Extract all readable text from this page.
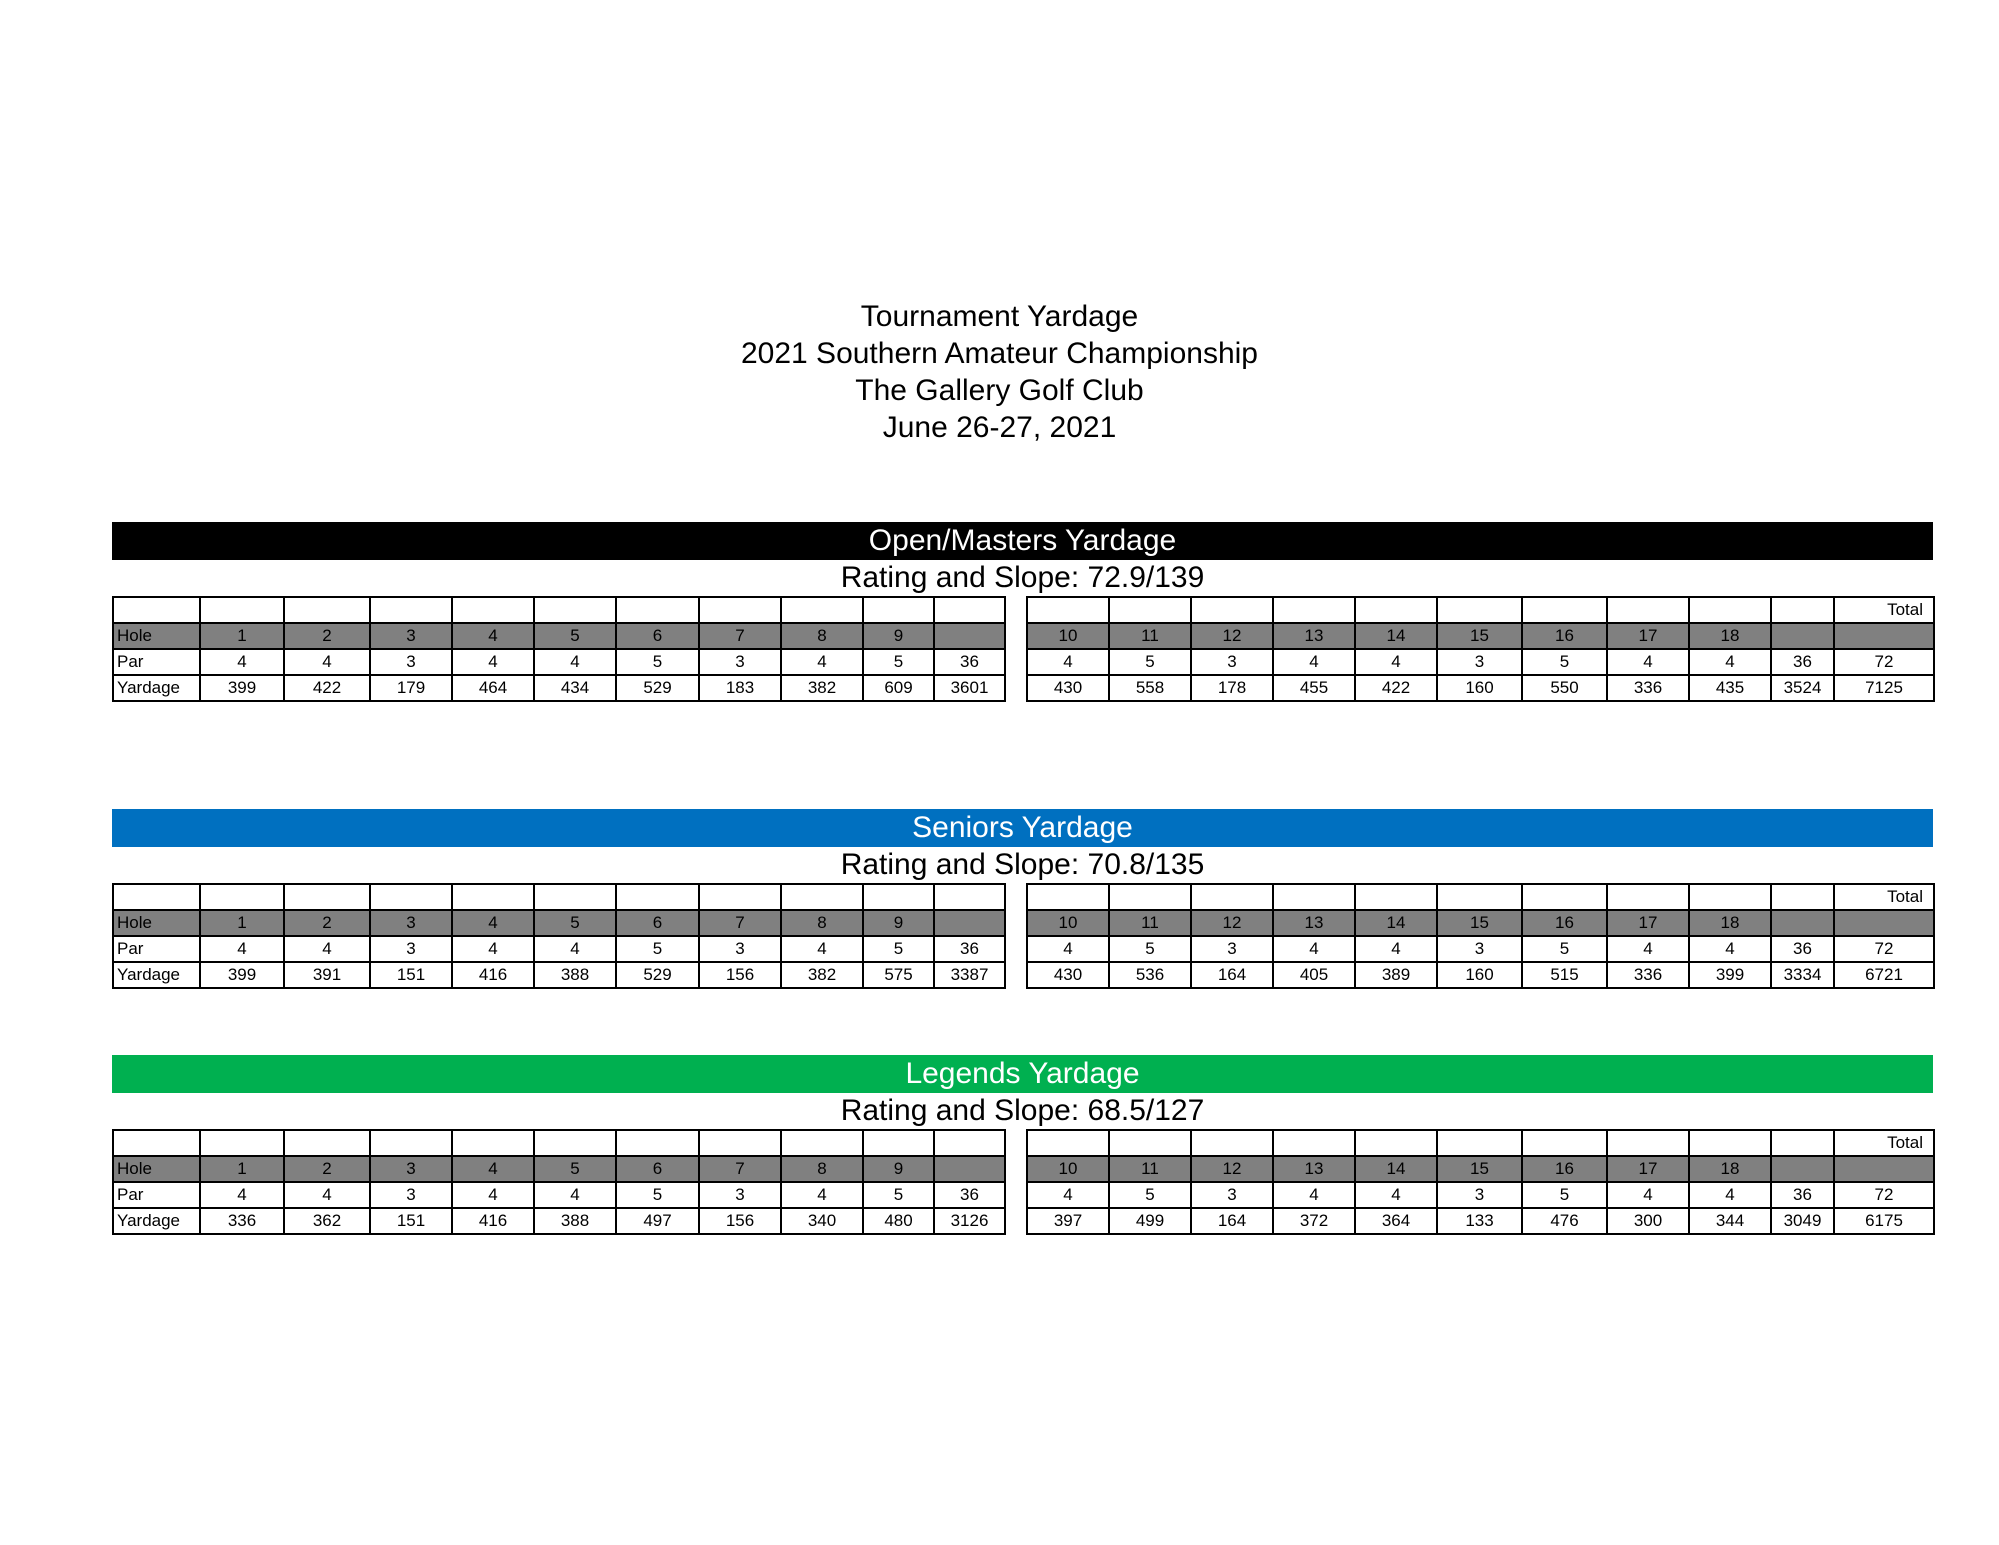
Tournament Yardage
2021 Southern Amateur Championship
The Gallery Golf Club
June 26-27, 2021
Open/Masters Yardage
Rating and Slope: 72.9/139

Hole	1	2	3	4	5	6	7	8	9	
Par	4	4	3	4	4	5	3	4	5	36
Yardage	399	422	179	464	434	529	183	382	609	3601
										Total
10	11	12	13	14	15	16	17	18		
4	5	3	4	4	3	5	4	4	36	72
430	558	178	455	422	160	550	336	435	3524	7125
Seniors Yardage
Rating and Slope: 70.8/135

Hole	1	2	3	4	5	6	7	8	9	
Par	4	4	3	4	4	5	3	4	5	36
Yardage	399	391	151	416	388	529	156	382	575	3387
										Total
10	11	12	13	14	15	16	17	18		
4	5	3	4	4	3	5	4	4	36	72
430	536	164	405	389	160	515	336	399	3334	6721
Legends Yardage
Rating and Slope: 68.5/127

Hole	1	2	3	4	5	6	7	8	9	
Par	4	4	3	4	4	5	3	4	5	36
Yardage	336	362	151	416	388	497	156	340	480	3126
										Total
10	11	12	13	14	15	16	17	18		
4	5	3	4	4	3	5	4	4	36	72
397	499	164	372	364	133	476	300	344	3049	6175
